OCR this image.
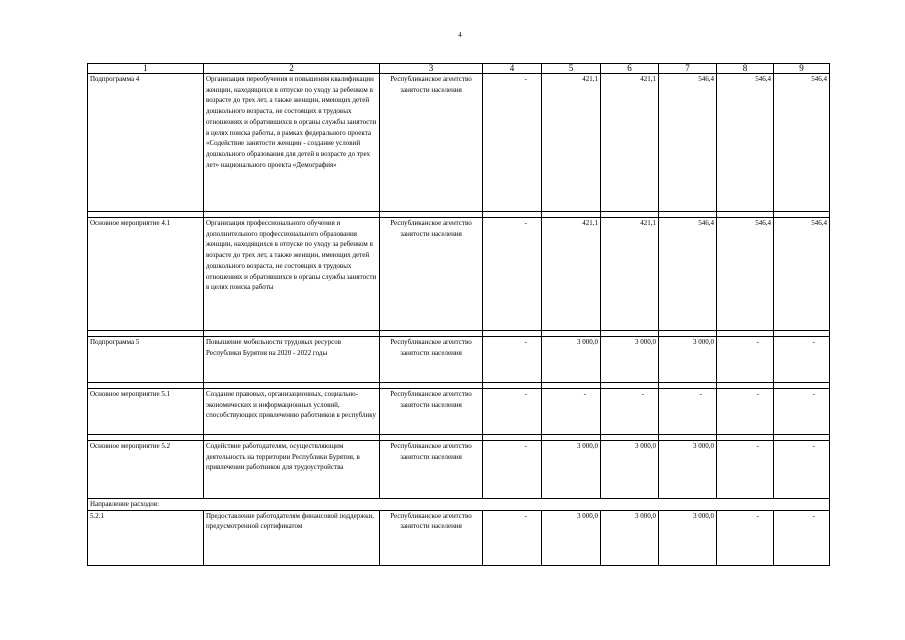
4
1	2	3	4	5	6	7	8	9
Подпрограмма 4	Организация переобучения и повышения квалификации женщин, находящихся в отпуске по уходу за ребенком в возрасте до трех лет, а также женщин, имеющих детей дошкольного возраста, не состоящих в трудовых отношениях и обратившихся в органы службы занятости в целях поиска работы, в рамках федерального проекта «Содействие занятости женщин - создание условий дошкольного образования для детей в возрасте до трех лет» национального проекта «Демография»	Республиканское агентство занятости населения	-	421,1	421,1	546,4	546,4	546,4

Основное мероприятие 4.1	Организация профессионального обучения и дополнительного профессионального образования женщин, находящихся в отпуске по уходу за ребенком в возрасте до трех лет, а также женщин, имеющих детей дошкольного возраста, не состоящих в трудовых отношениях и обратившихся в органы службы занятости в целях поиска работы	Республиканское агентство занятости населения	-	421,1	421,1	546,4	546,4	546,4

Подпрограмма 5	Повышение мобильности трудовых ресурсов Республики Бурятия на 2020 - 2022 годы	Республиканское агентство занятости населения	-	3 000,0	3 000,0	3 000,0	-	-

Основное мероприятие 5.1	Создание правовых, организационных, социально-экономических и информационных условий, способствующих привлечению работников в республику	Республиканское агентство занятости населения	-	-	-	-	-	-

Основное мероприятие 5.2	Содействие работодателям, осуществляющим деятельность на территории Республики Бурятия, в привлечении работников для трудоустройства	Республиканское агентство занятости населения	-	3 000,0	3 000,0	3 000,0	-	-
Направление расходов:								
5.2.1	Предоставление работодателям финансовой поддержки, предусмотренной сертификатом	Республиканское агентство занятости населения	-	3 000,0	3 000,0	3 000,0	-	-
